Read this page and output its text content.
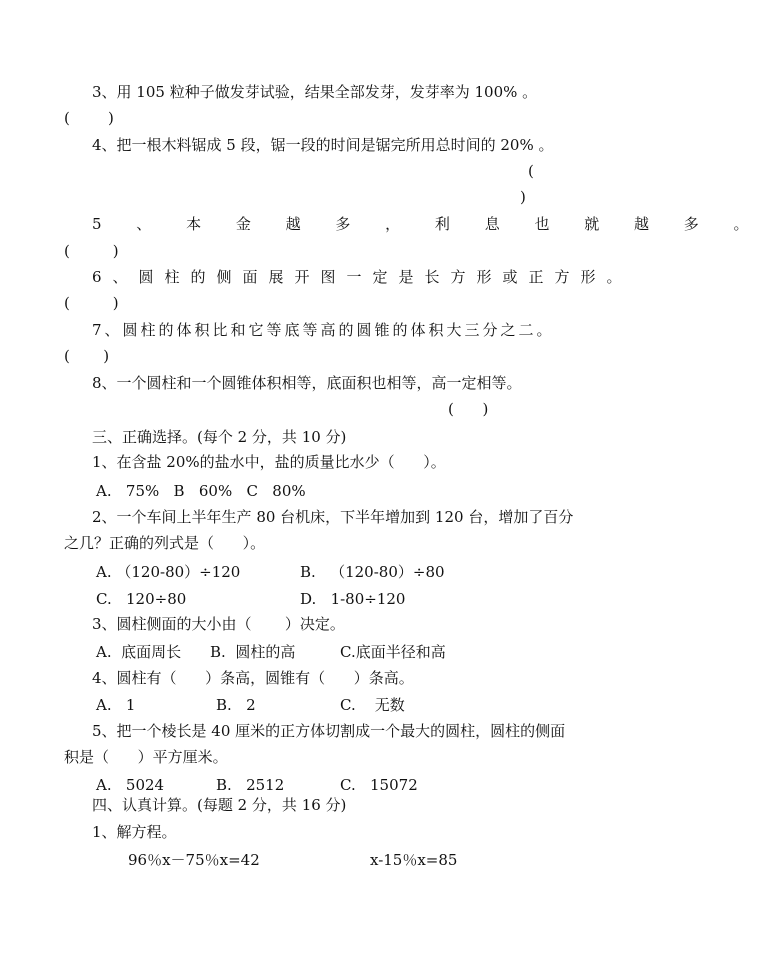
3、用 105 粒种子做发芽试验，结果全部发芽，发芽率为 100% 。
(        )
4、把一根木料锯成 5 段，锯一段的时间是锯完所用总时间的 20% 。
(
)
5 、 本 金 越 多 ， 利 息 也 就 越 多 。
(         )
6、圆柱的侧面展开图一定是长方形或正方形。
(         )
7、圆柱的体积比和它等底等高的圆锥的体积大三分之二。
(       )
8、一个圆柱和一个圆锥体积相等，底面积也相等，高一定相等。
(      )
三、正确选择。(每个 2 分，共 10 分)
1、在含盐 20%的盐水中，盐的质量比水少（      ）。
A.   75%   B   60%   C   80%
2、一个车间上半年生产 80 台机床，下半年增加到 120 台，增加了百分
之几？正确的列式是（      ）。
A. （120-80）÷120	B.   （120-80）÷80
C.   120÷80	D.   1-80÷120
3、圆柱侧面的大小由（       ）决定。
A.  底面周长 B.  圆柱的高	C.底面半径和高
4、圆柱有（      ）条高，圆锥有（      ）条高。
A.   1	B.   2	C.    无数
5、把一个棱长是 40 厘米的正方体切割成一个最大的圆柱，圆柱的侧面
积是（      ）平方厘米。
A.   5024	B.   2512	C.   15072
四、认真计算。(每题 2 分，共 16 分)
1、解方程。
96％x－75％x=42	x-15％x=85
